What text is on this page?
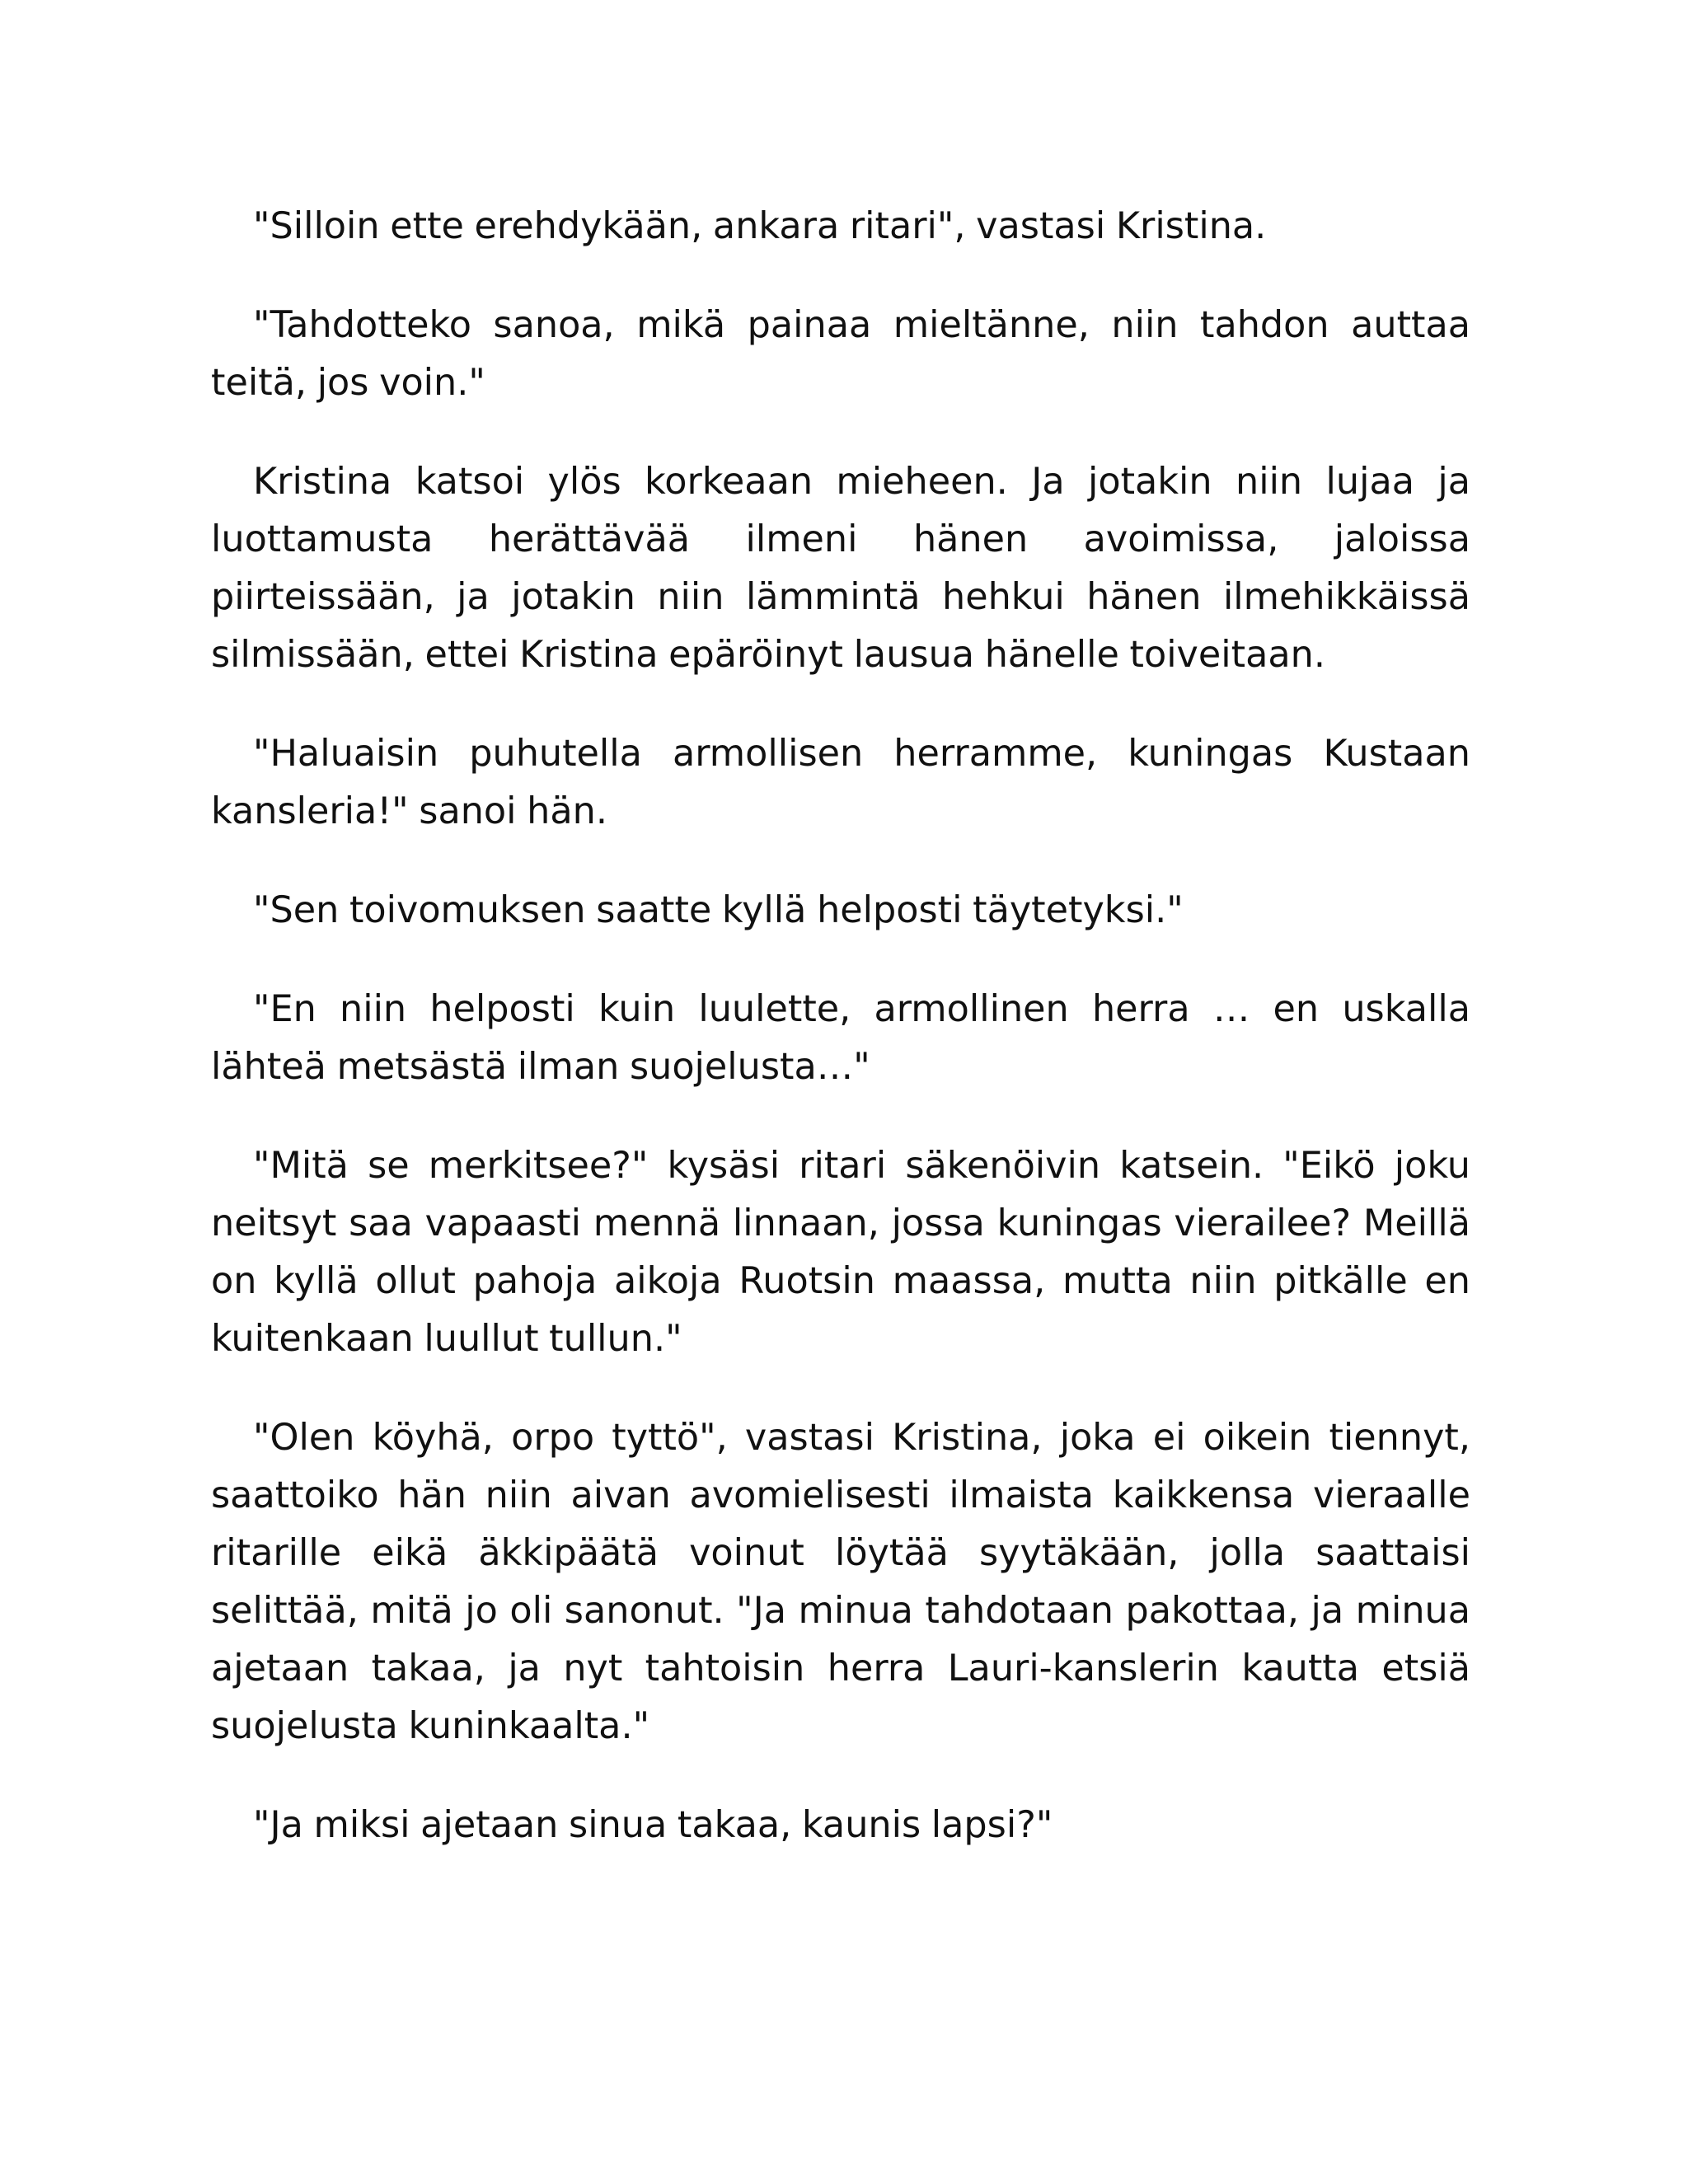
"Silloin ette erehdykään, ankara ritari", vastasi Kristina.

"Tahdotteko sanoa, mikä painaa mieltänne, niin tahdon auttaa teitä, jos voin."

Kristina katsoi ylös korkeaan mieheen. Ja jotakin niin lujaa ja luottamusta herättävää ilmeni hänen avoimissa, jaloissa piirteissään, ja jotakin niin lämmintä hehkui hänen ilmehikkäissä silmissään, ettei Kristina epäröinyt lausua hänelle toiveitaan.

"Haluaisin puhutella armollisen herramme, kuningas Kustaan kansleria!" sanoi hän.

"Sen toivomuksen saatte kyllä helposti täytetyksi."

"En niin helposti kuin luulette, armollinen herra … en uskalla lähteä metsästä ilman suojelusta…"

"Mitä se merkitsee?" kysäsi ritari säkenöivin katsein. "Eikö joku neitsyt saa vapaasti mennä linnaan, jossa kuningas vierailee? Meillä on kyllä ollut pahoja aikoja Ruotsin maassa, mutta niin pitkälle en kuitenkaan luullut tullun."

"Olen köyhä, orpo tyttö", vastasi Kristina, joka ei oikein tiennyt, saattoiko hän niin aivan avomielisesti ilmaista kaikkensa vieraalle ritarille eikä äkkipäätä voinut löytää syytäkään, jolla saattaisi selittää, mitä jo oli sanonut. "Ja minua tahdotaan pakottaa, ja minua ajetaan takaa, ja nyt tahtoisin herra Lauri-kanslerin kautta etsiä suojelusta kuninkaalta."

"Ja miksi ajetaan sinua takaa, kaunis lapsi?"
